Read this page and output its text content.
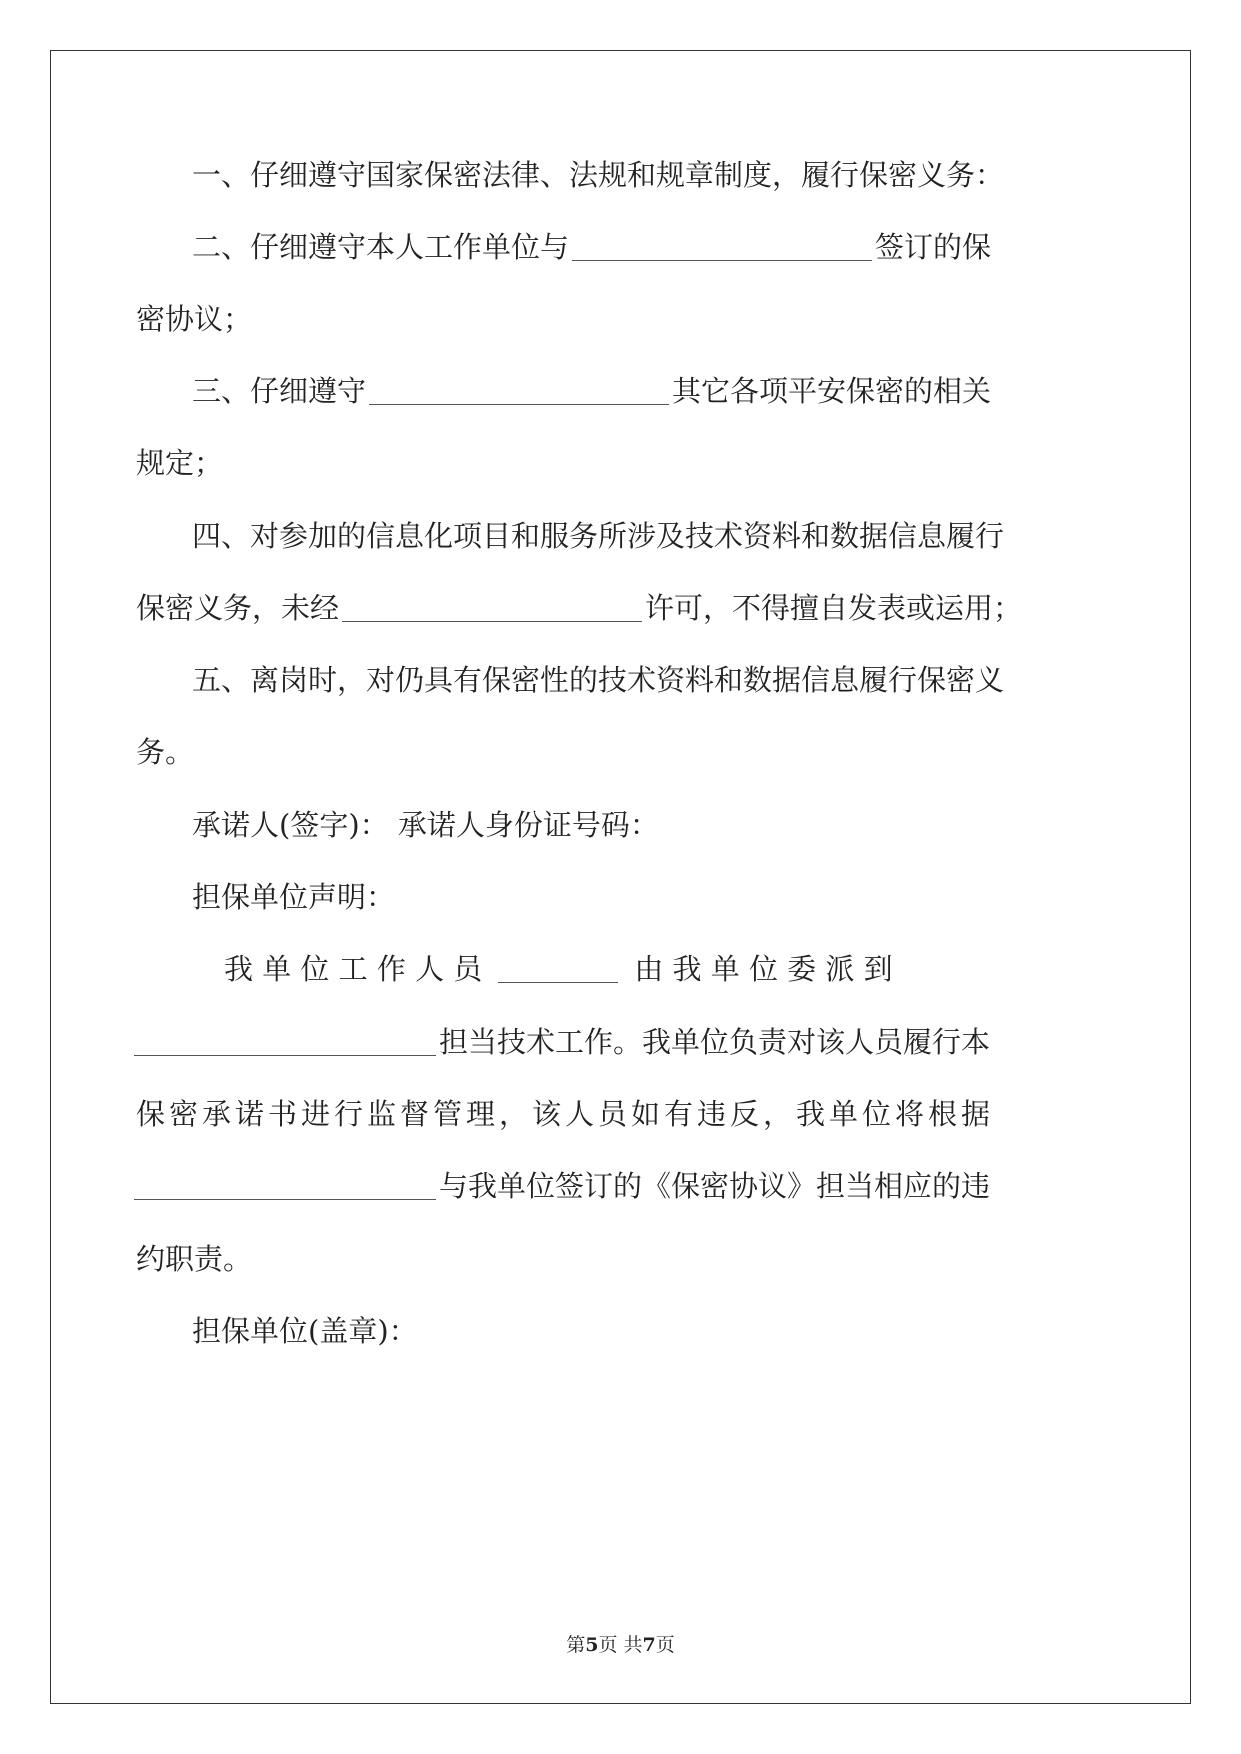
一、仔细遵守国家保密法律、法规和规章制度，履行保密义务：
二、仔细遵守本人工作单位与	签订的保
密协议；
三、仔细遵守	其它各项平安保密的相关
规定；
四、对参加的信息化项目和服务所涉及技术资料和数据信息履行
保密义务，未经	许可，不得擅自发表或运用；
五、离岗时，对仍具有保密性的技术资料和数据信息履行保密义
务。
承诺人(签字)： 承诺人身份证号码：
担保单位声明：
我 单 位 工 作 人 员	由 我 单 位 委 派 到
担当技术工作。我单位负责对该人员履行本
保密承诺书进行监督管理，该人员如有违反，我单位将根据
与我单位签订的《保密协议》担当相应的违
约职责。
担保单位(盖章)：
第5页 共7页
